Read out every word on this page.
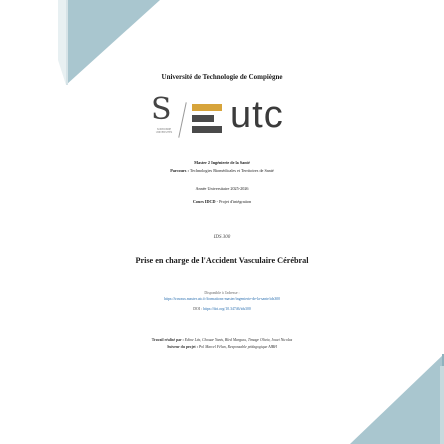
Université de Technologie de Compiègne
S
SORBONNE UNIVERSITÉS utc
Master 2 Ingénierie de la Santé
Parcours : Technologies Biomédicales et Territoires de Santé
Année Universitaire 2025-2026
Cours IDCD - Projet d'intégration
IDS 300
Prise en charge de l'Accident Vasculaire Cérébral
Disponible à l'adresse :
https://travaux.master.utc.fr/formations-master/ingenierie-de-la-sante/ids300
DOI : https://doi.org/10.34746/ids300
Travail réalisé par : Edine Léa, Ghouar Yanis, Bled Marguss, Timage Olivia, Jouet Nicolas
Suiveur du projet : Pol Marcel Félan, Responsable pédagogique AIBH
